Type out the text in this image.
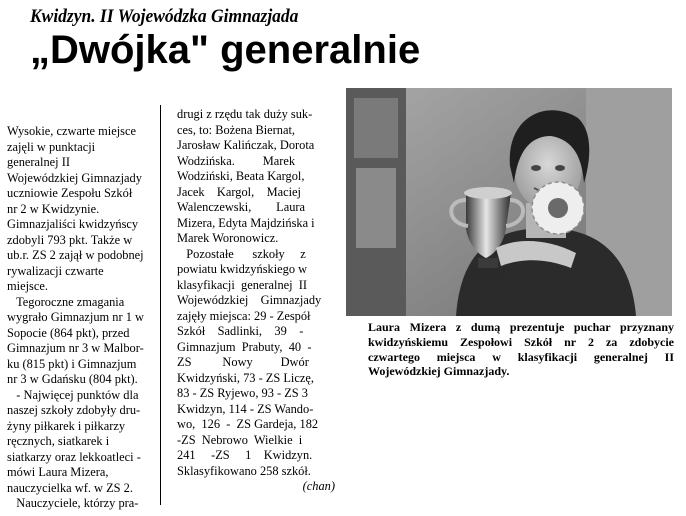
Kwidzyn. II Wojewódzka Gimnazjada
„Dwójka" generalnie
Wysokie, czwarte miejsce
zajęli w punktacji
generalnej II
Wojewódzkiej Gimnazjady
uczniowie Zespołu Szkół
nr 2 w Kwidzynie.
Gimnazjaliści kwidzyńscy
zdobyli 793 pkt. Także w
ub.r. ZS 2 zajął w podobnej
rywalizacji czwarte
miejsce.
Tegoroczne zmagania
wygrało Gimnazjum nr 1 w
Sopocie (864 pkt), przed
Gimnazjum nr 3 w Malbor-
ku (815 pkt) i Gimnazjum
nr 3 w Gdańsku (804 pkt).
- Najwięcej punktów dla
naszej szkoły zdobyły dru-
żyny piłkarek i piłkarzy
ręcznych, siatkarek i
siatkarzy oraz lekkoatleci -
mówi Laura Mizera,
nauczycielka wf. w ZS 2.
Nauczyciele, którzy pra-
drugi z rzędu tak duży suk-
ces, to: Bożena Biernat,
Jarosław Kalińczak, Dorota
Wodzińska.         Marek
Wodziński, Beata Kargol,
Jacek    Kargol,    Maciej
Walenczewski,        Laura
Mizera, Edyta Majdzińska i
Marek Woronowicz.
Pozostałe      szkoły     z
powiatu kwidzyńskiego w
klasyfikacji  generalnej  II
Wojewódzkiej    Gimnazjady
zajęły miejsca: 29 - Zespół
Szkół    Sadlinki,    39    -
Gimnazjum  Prabuty,  40  -
ZS          Nowy         Dwór
Kwidzyński, 73 - ZS Liczę,
83 - ZS Ryjewo, 93 - ZS 3
Kwidzyn, 114 - ZS Wando-
wo,  126  -  ZS Gardeja, 182
-ZS  Nebrowo  Wielkie  i
241     -ZS     1    Kwidzyn.
Sklasyfikowano 258 szkół.
(chan)
Laura Mizera z dumą prezentuje puchar przyznany
kwidzyńskiemu Zespołowi Szkół nr 2 za zdobycie
czwartego miejsca w klasyfikacji generalnej II
Wojewódzkiej Gimnazjady.
